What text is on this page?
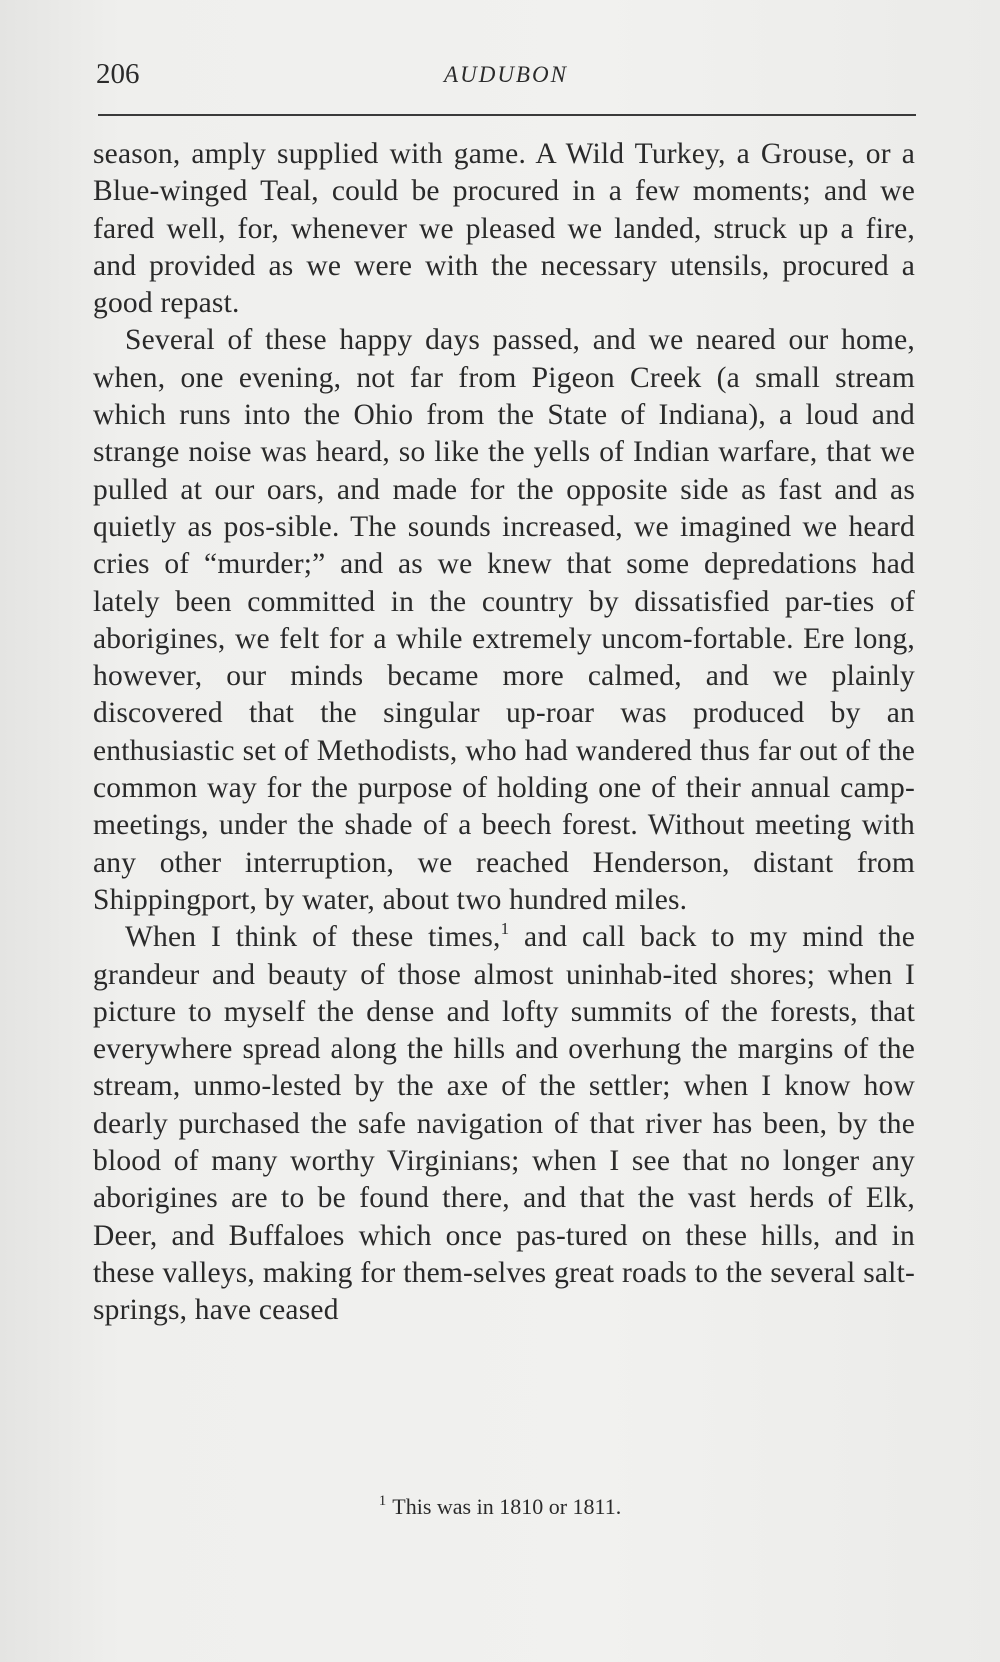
206	AUDUBON

season, amply supplied with game. A Wild Turkey, a Grouse, or a Blue-winged Teal, could be procured in a few moments; and we fared well, for, whenever we pleased we landed, struck up a fire, and provided as we were with the necessary utensils, procured a good repast.

Several of these happy days passed, and we neared our home, when, one evening, not far from Pigeon Creek (a small stream which runs into the Ohio from the State of Indiana), a loud and strange noise was heard, so like the yells of Indian warfare, that we pulled at our oars, and made for the opposite side as fast and as quietly as pos-sible. The sounds increased, we imagined we heard cries of “murder;” and as we knew that some depredations had lately been committed in the country by dissatisfied par-ties of aborigines, we felt for a while extremely uncom-fortable. Ere long, however, our minds became more calmed, and we plainly discovered that the singular up-roar was produced by an enthusiastic set of Methodists, who had wandered thus far out of the common way for the purpose of holding one of their annual camp-meetings, under the shade of a beech forest. Without meeting with any other interruption, we reached Henderson, distant from Shippingport, by water, about two hundred miles.

When I think of these times,$^1$ and call back to my mind the grandeur and beauty of those almost uninhab-ited shores; when I picture to myself the dense and lofty summits of the forests, that everywhere spread along the hills and overhung the margins of the stream, unmo-lested by the axe of the settler; when I know how dearly purchased the safe navigation of that river has been, by the blood of many worthy Virginians; when I see that no longer any aborigines are to be found there, and that the vast herds of Elk, Deer, and Buffaloes which once pas-tured on these hills, and in these valleys, making for them-selves great roads to the several salt-springs, have ceased

$^1$ This was in 1810 or 1811.
